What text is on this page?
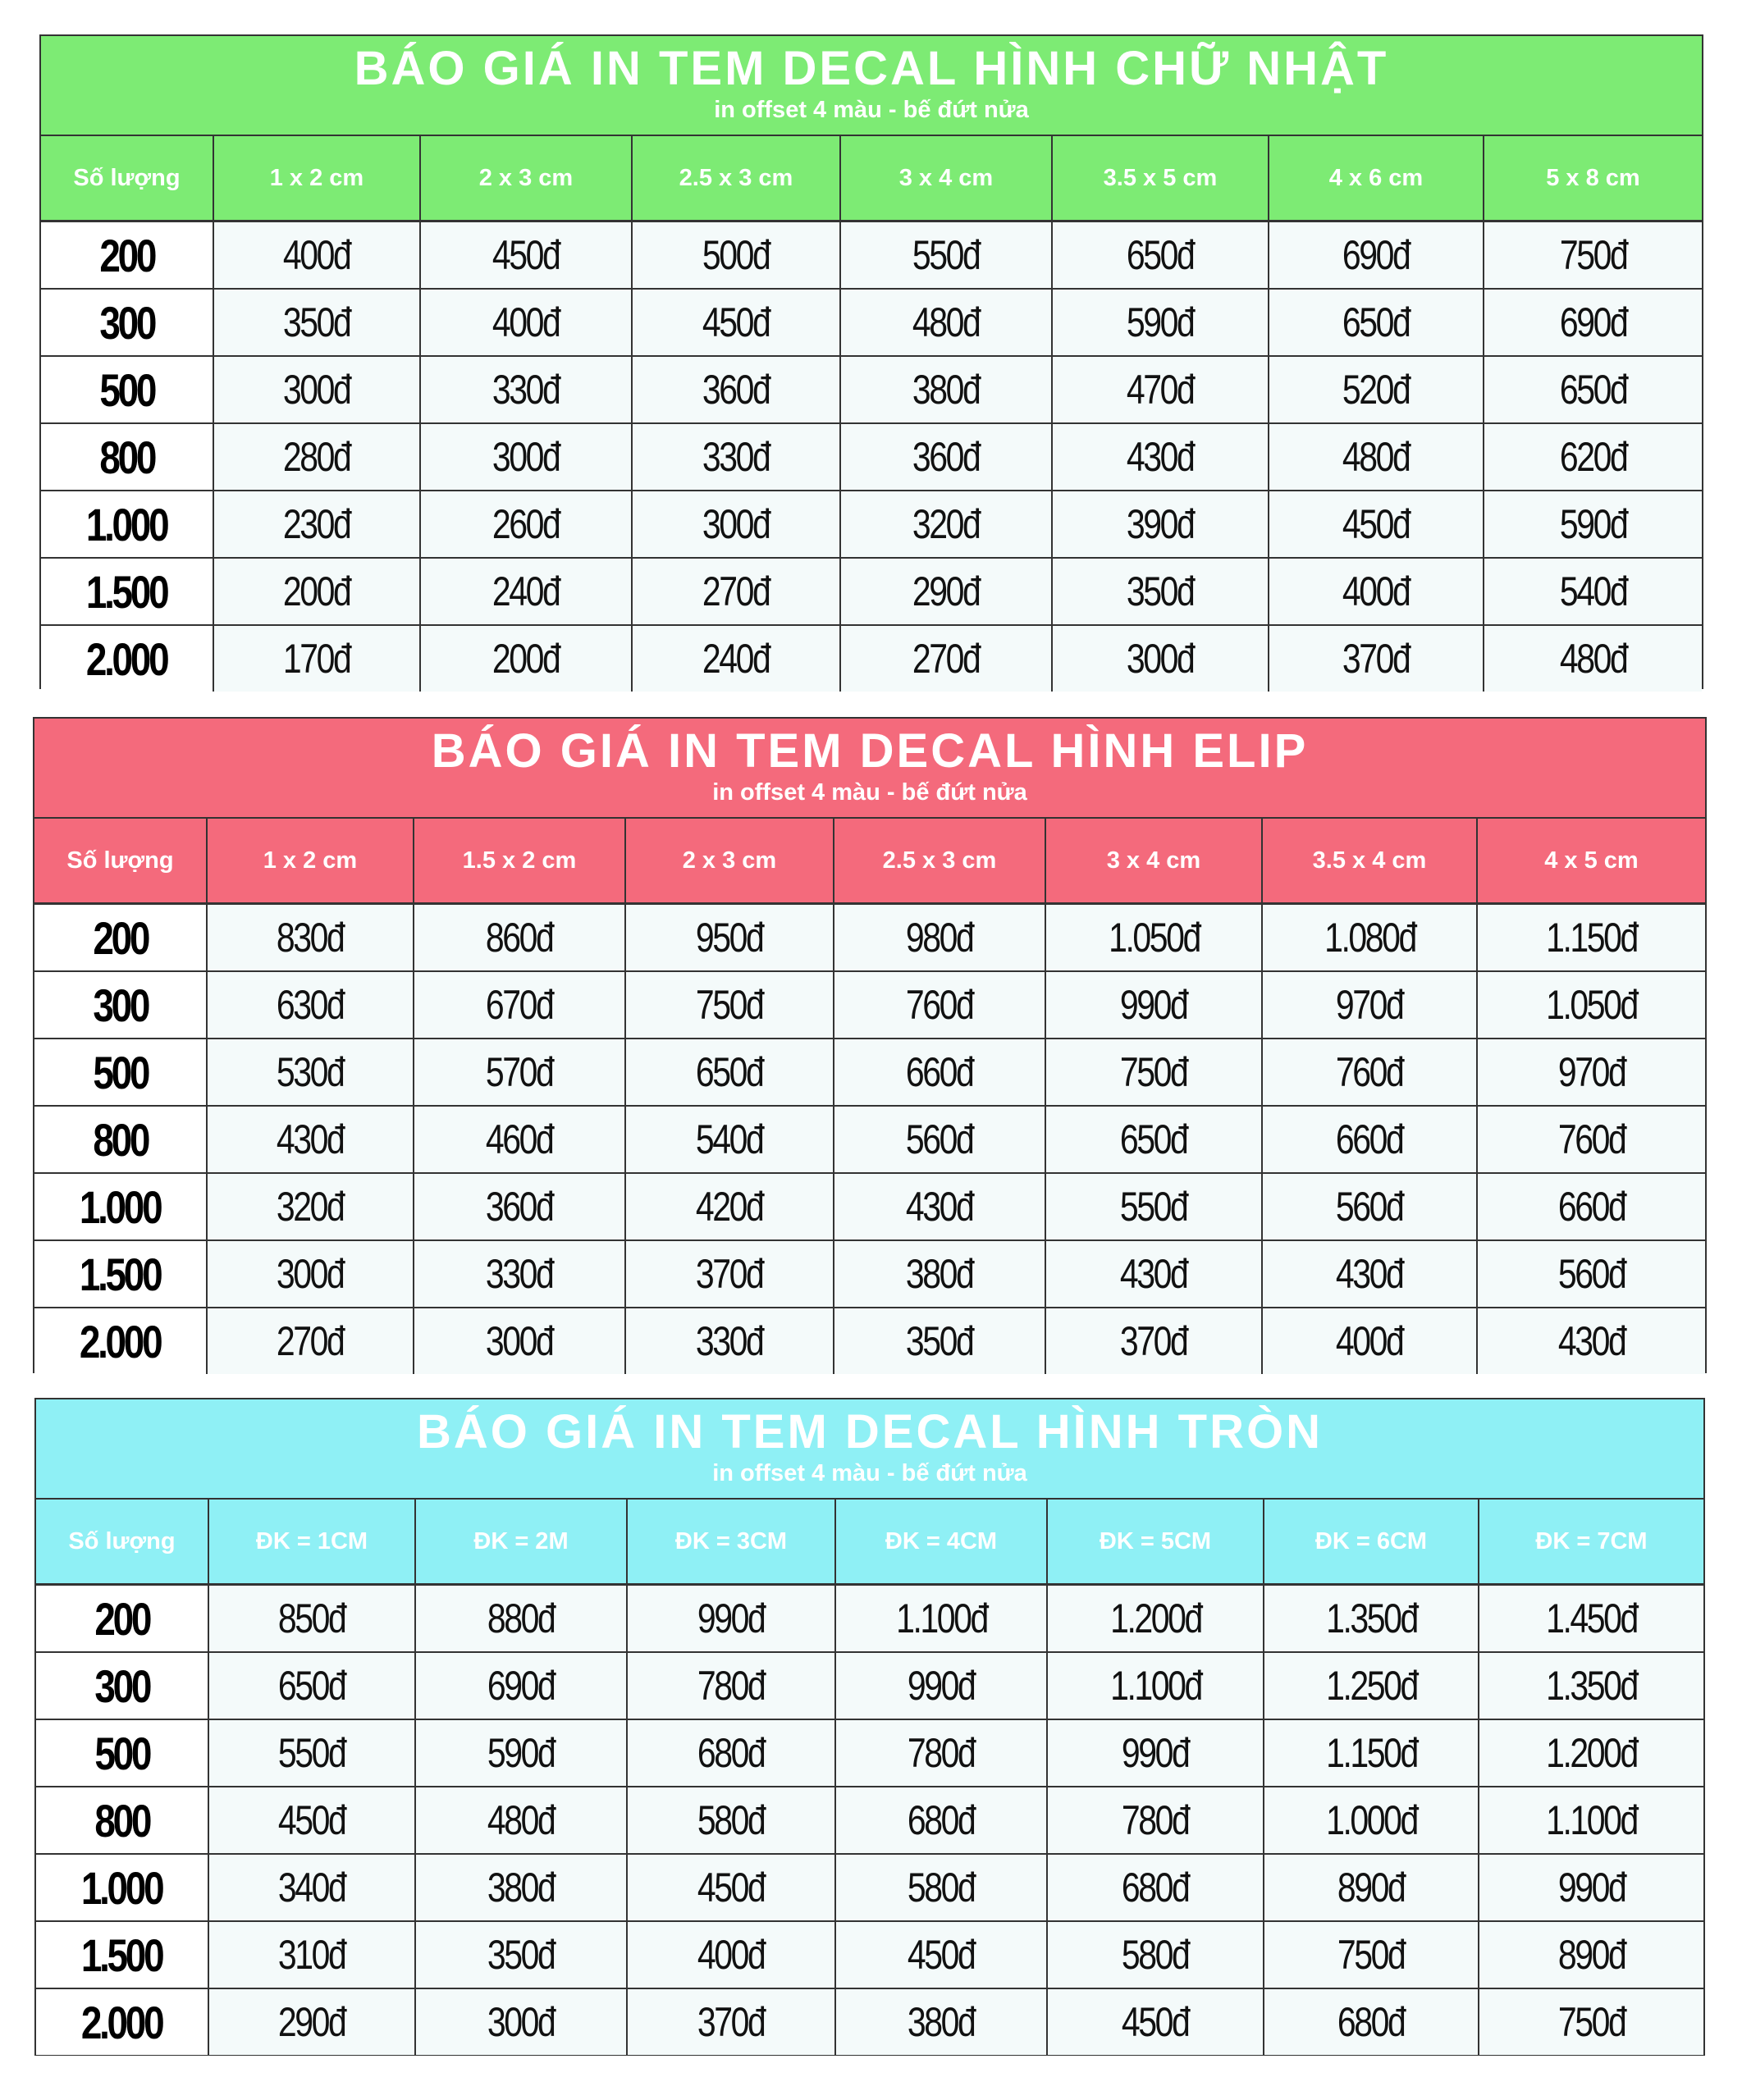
BÁO GIÁ IN TEM DECAL HÌNH CHỮ NHẬT
in offset 4 màu - bế đứt nửa
Số lượng	1 x 2 cm	2 x 3 cm	2.5 x 3 cm	3 x 4 cm	3.5 x 5 cm	4 x 6 cm	5 x 8 cm
200	400đ	450đ	500đ	550đ	650đ	690đ	750đ
300	350đ	400đ	450đ	480đ	590đ	650đ	690đ
500	300đ	330đ	360đ	380đ	470đ	520đ	650đ
800	280đ	300đ	330đ	360đ	430đ	480đ	620đ
1.000	230đ	260đ	300đ	320đ	390đ	450đ	590đ
1.500	200đ	240đ	270đ	290đ	350đ	400đ	540đ
2.000	170đ	200đ	240đ	270đ	300đ	370đ	480đ
BÁO GIÁ IN TEM DECAL HÌNH ELIP
in offset 4 màu - bế đứt nửa
Số lượng	1 x 2 cm	1.5 x 2 cm	2 x 3 cm	2.5 x 3 cm	3 x 4 cm	3.5 x 4 cm	4 x 5 cm
200	830đ	860đ	950đ	980đ	1.050đ	1.080đ	1.150đ
300	630đ	670đ	750đ	760đ	990đ	970đ	1.050đ
500	530đ	570đ	650đ	660đ	750đ	760đ	970đ
800	430đ	460đ	540đ	560đ	650đ	660đ	760đ
1.000	320đ	360đ	420đ	430đ	550đ	560đ	660đ
1.500	300đ	330đ	370đ	380đ	430đ	430đ	560đ
2.000	270đ	300đ	330đ	350đ	370đ	400đ	430đ
BÁO GIÁ IN TEM DECAL HÌNH TRÒN
in offset 4 màu - bế đứt nửa
Số lượng	ĐK = 1CM	ĐK = 2M	ĐK = 3CM	ĐK = 4CM	ĐK = 5CM	ĐK = 6CM	ĐK = 7CM
200	850đ	880đ	990đ	1.100đ	1.200đ	1.350đ	1.450đ
300	650đ	690đ	780đ	990đ	1.100đ	1.250đ	1.350đ
500	550đ	590đ	680đ	780đ	990đ	1.150đ	1.200đ
800	450đ	480đ	580đ	680đ	780đ	1.000đ	1.100đ
1.000	340đ	380đ	450đ	580đ	680đ	890đ	990đ
1.500	310đ	350đ	400đ	450đ	580đ	750đ	890đ
2.000	290đ	300đ	370đ	380đ	450đ	680đ	750đ
